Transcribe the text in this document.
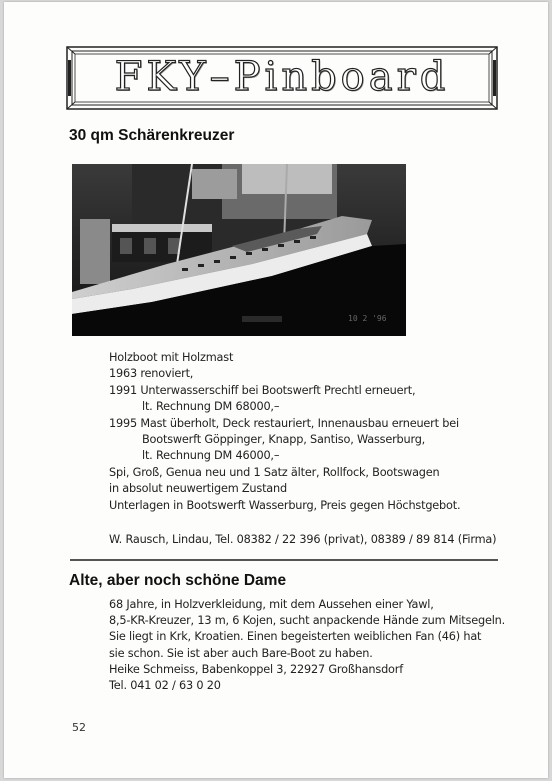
FKY–Pinboard
30 qm Schärenkreuzer
10 2 '96
Holzboot mit Holzmast
1963 renoviert,
1991 Unterwasserschiff bei Bootswerft Prechtl erneuert,
lt. Rechnung DM 68000,–
1995 Mast überholt, Deck restauriert, Innenausbau erneuert bei
Bootswerft Göppinger, Knapp, Santiso, Wasserburg,
lt. Rechnung DM 46000,–
Spi, Groß, Genua neu und 1 Satz älter, Rollfock, Bootswagen
in absolut neuwertigem Zustand
Unterlagen in Bootswerft Wasserburg, Preis gegen Höchstgebot.
W. Rausch, Lindau, Tel. 08382 / 22 396 (privat), 08389 / 89 814 (Firma)
Alte, aber noch schöne Dame
68 Jahre, in Holzverkleidung, mit dem Aussehen einer Yawl,
8,5-KR-Kreuzer, 13 m, 6 Kojen, sucht anpackende Hände zum Mitsegeln.
Sie liegt in Krk, Kroatien. Einen begeisterten weiblichen Fan (46) hat
sie schon. Sie ist aber auch Bare-Boot zu haben.
Heike Schmeiss, Babenkoppel 3, 22927 Großhansdorf
Tel. 041 02 / 63 0 20
52
